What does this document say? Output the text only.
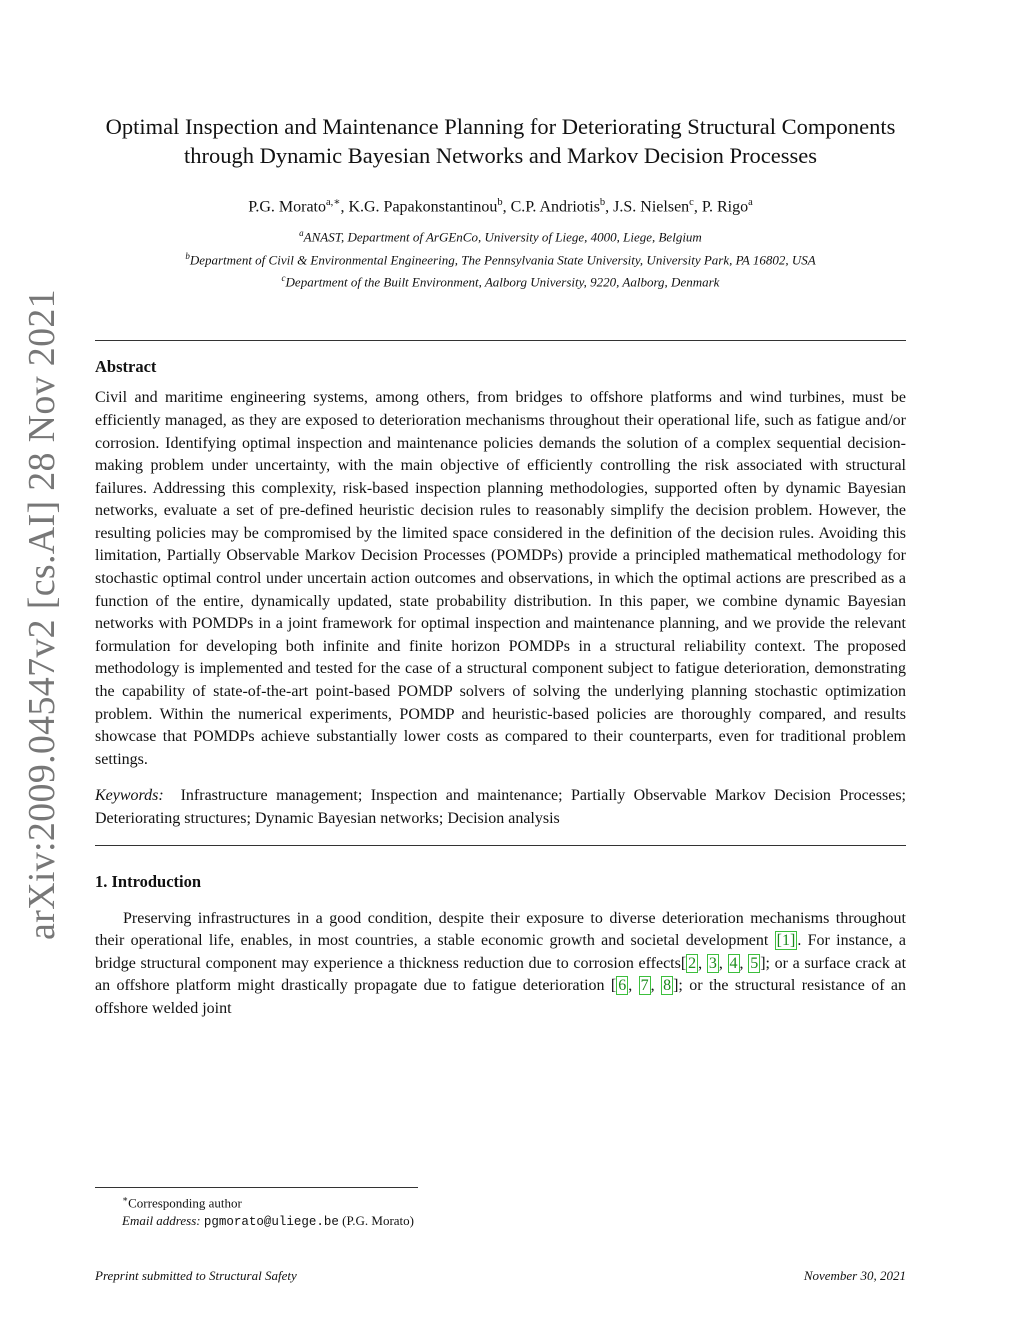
arXiv:2009.04547v2 [cs.AI] 28 Nov 2021
Optimal Inspection and Maintenance Planning for Deteriorating Structural Components through Dynamic Bayesian Networks and Markov Decision Processes
P.G. Morato$^{a,∗}$, K.G. Papakonstantinou$^b$, C.P. Andriotis$^b$, J.S. Nielsen$^c$, P. Rigo$^a$
$^a$ANAST, Department of ArGEnCo, University of Liege, 4000, Liege, Belgium
$^b$Department of Civil & Environmental Engineering, The Pennsylvania State University, University Park, PA 16802, USA
$^c$Department of the Built Environment, Aalborg University, 9220, Aalborg, Denmark
Abstract

Civil and maritime engineering systems, among others, from bridges to offshore platforms and wind turbines, must be efficiently managed, as they are exposed to deterioration mechanisms throughout their operational life, such as fatigue and/or corrosion. Identifying optimal inspection and maintenance policies demands the solution of a complex sequential decision-making problem under uncertainty, with the main objective of efficiently controlling the risk associated with structural failures. Addressing this complexity, risk-based inspection planning methodologies, supported often by dynamic Bayesian networks, evaluate a set of pre-defined heuristic decision rules to reasonably simplify the decision problem. However, the resulting policies may be compromised by the limited space considered in the definition of the decision rules. Avoiding this limitation, Partially Observable Markov Decision Processes (POMDPs) provide a principled mathematical methodology for stochastic optimal control under uncertain action outcomes and observations, in which the optimal actions are prescribed as a function of the entire, dynamically updated, state probability distribution. In this paper, we combine dynamic Bayesian networks with POMDPs in a joint framework for optimal inspection and maintenance planning, and we provide the relevant formulation for developing both infinite and finite horizon POMDPs in a structural reliability context. The proposed methodology is implemented and tested for the case of a structural component subject to fatigue deterioration, demonstrating the capability of state-of-the-art point-based POMDP solvers of solving the underlying planning stochastic optimization problem. Within the numerical experiments, POMDP and heuristic-based policies are thoroughly compared, and results showcase that POMDPs achieve substantially lower costs as compared to their counterparts, even for traditional problem settings.

Keywords: Infrastructure management; Inspection and maintenance; Partially Observable Markov Decision Processes; Deteriorating structures; Dynamic Bayesian networks; Decision analysis

1. Introduction

Preserving infrastructures in a good condition, despite their exposure to diverse deterioration mechanisms throughout their operational life, enables, in most countries, a stable economic growth and societal development [1] . For instance, a bridge structural component may experience a thickness reduction due to corrosion effects[ 2 , 3 , 4 , 5 ]; or a surface crack at an offshore platform might drastically propagate due to fatigue deterioration [ 6 , 7 , 8 ]; or the structural resistance of an offshore welded joint

∗Corresponding author
Email address: pgmorato@uliege.be (P.G. Morato)
Preprint submitted to Structural Safety	November 30, 2021
